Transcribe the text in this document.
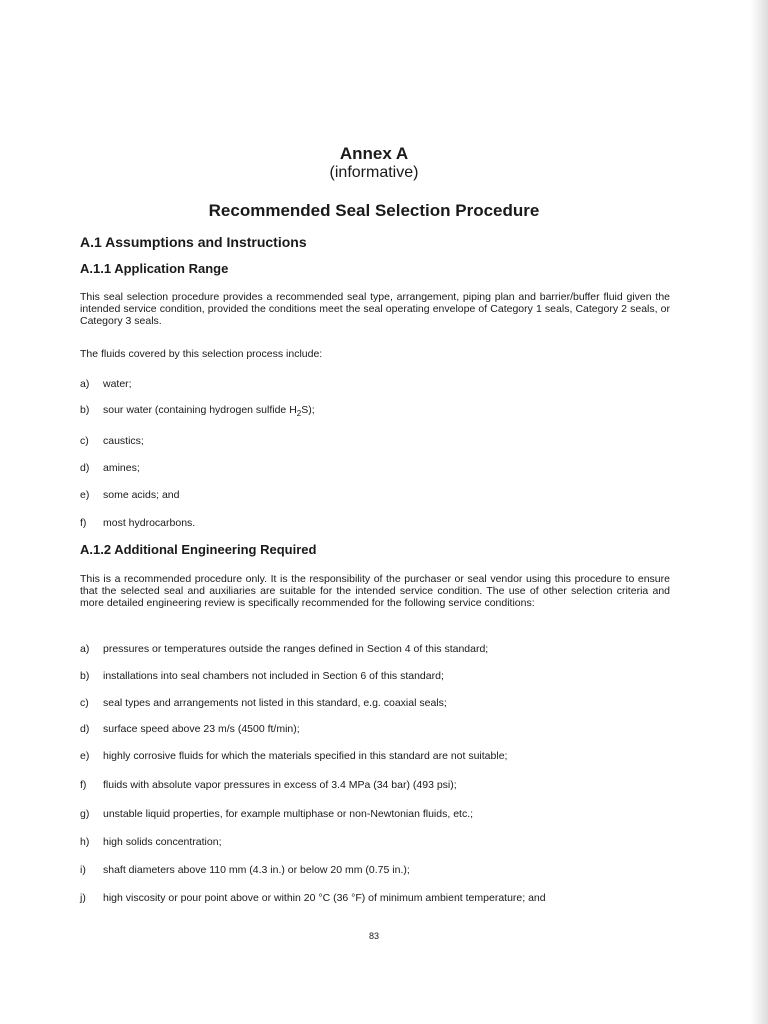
Annex A

(informative)

Recommended Seal Selection Procedure

A.1 Assumptions and Instructions

A.1.1 Application Range

This seal selection procedure provides a recommended seal type, arrangement, piping plan and barrier/buffer fluid given the intended service condition, provided the conditions meet the seal operating envelope of Category 1 seals, Category 2 seals, or Category 3 seals.

The fluids covered by this selection process include:

a) water;

b) sour water (containing hydrogen sulfide $H_2S$);

c) caustics;

d) amines;

e) some acids; and

f) most hydrocarbons.

A.1.2 Additional Engineering Required

This is a recommended procedure only. It is the responsibility of the purchaser or seal vendor using this procedure to ensure that the selected seal and auxiliaries are suitable for the intended service condition. The use of other selection criteria and more detailed engineering review is specifically recommended for the following service conditions:

a) pressures or temperatures outside the ranges defined in Section 4 of this standard;

b) installations into seal chambers not included in Section 6 of this standard;

c) seal types and arrangements not listed in this standard, e.g. coaxial seals;

d) surface speed above 23 m/s (4500 ft/min);

e) highly corrosive fluids for which the materials specified in this standard are not suitable;

f) fluids with absolute vapor pressures in excess of 3.4 MPa (34 bar) (493 psi);

g) unstable liquid properties, for example multiphase or non-Newtonian fluids, etc.;

h) high solids concentration;

i) shaft diameters above 110 mm (4.3 in.) or below 20 mm (0.75 in.);

j) high viscosity or pour point above or within 20 °C (36 °F) of minimum ambient temperature; and

83
